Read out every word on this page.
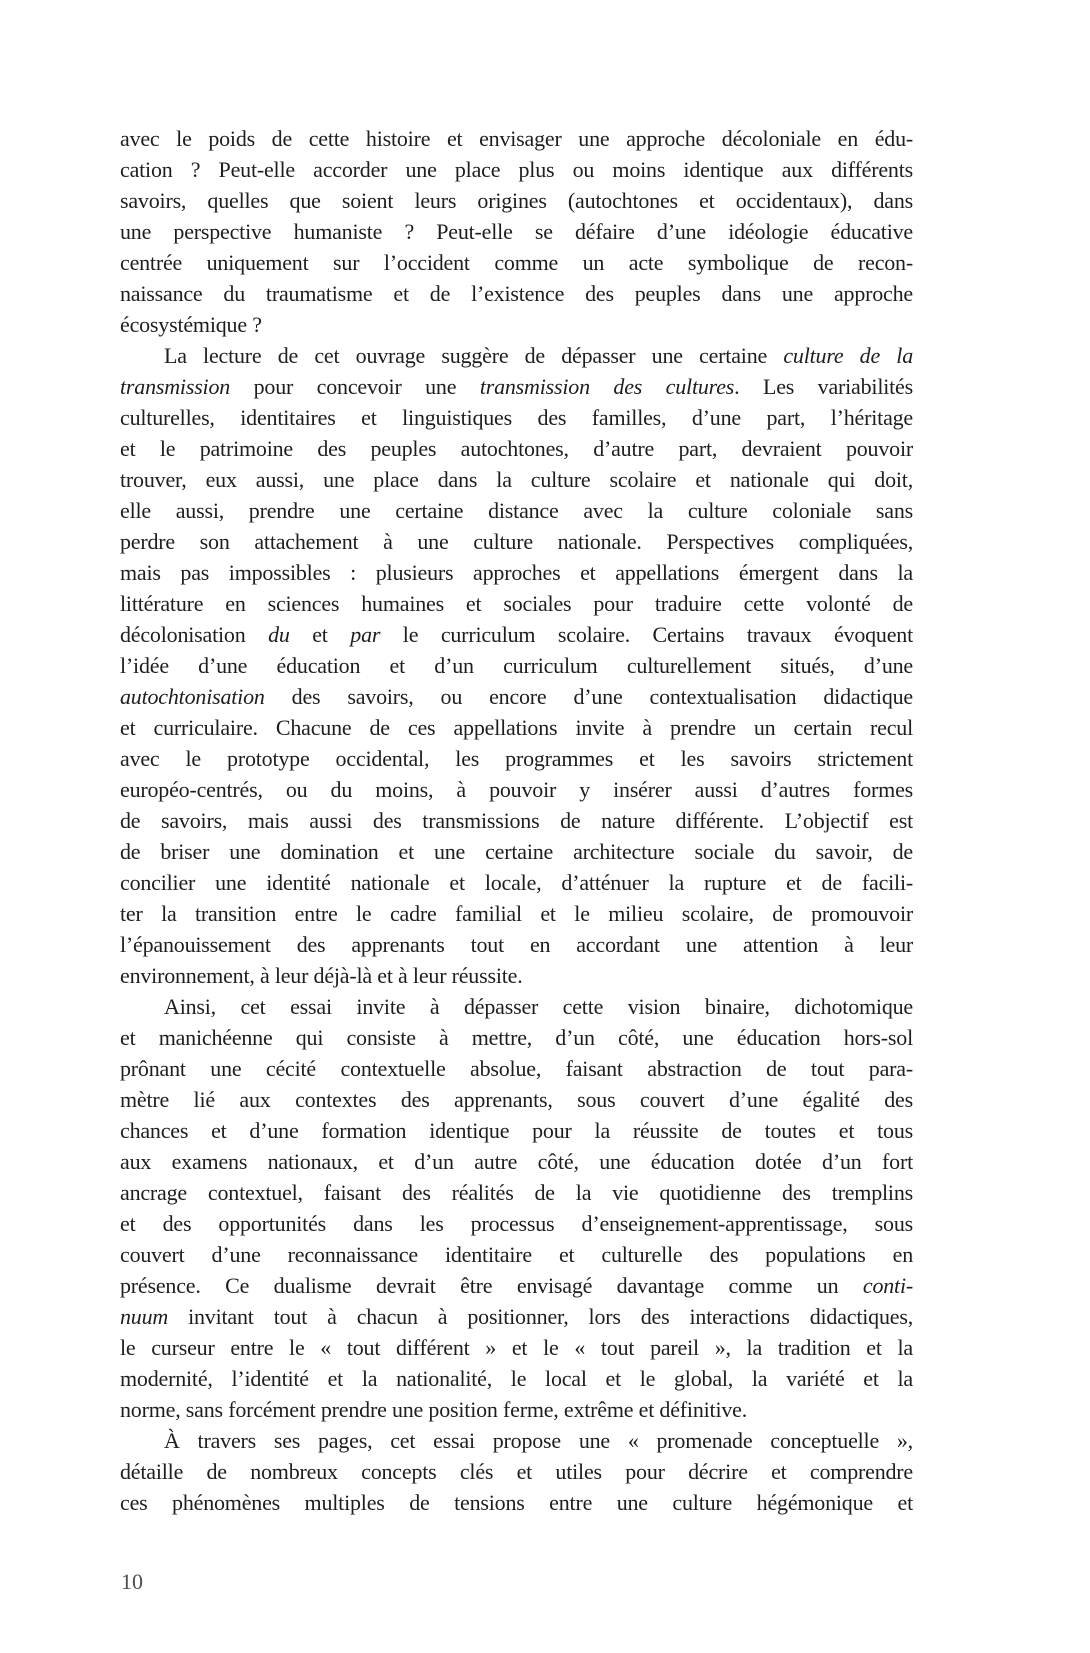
avec le poids de cette histoire et envisager une approche décoloniale en édu-
cation ? Peut-elle accorder une place plus ou moins identique aux différents
savoirs, quelles que soient leurs origines (autochtones et occidentaux), dans
une perspective humaniste ? Peut-elle se défaire d’une idéologie éducative
centrée uniquement sur l’occident comme un acte symbolique de recon-
naissance du traumatisme et de l’existence des peuples dans une approche
écosystémique ?
La lecture de cet ouvrage suggère de dépasser une certaine culture de la
transmission pour concevoir une transmission des cultures. Les variabilités
culturelles, identitaires et linguistiques des familles, d’une part, l’héritage
et le patrimoine des peuples autochtones, d’autre part, devraient pouvoir
trouver, eux aussi, une place dans la culture scolaire et nationale qui doit,
elle aussi, prendre une certaine distance avec la culture coloniale sans
perdre son attachement à une culture nationale. Perspectives compliquées,
mais pas impossibles : plusieurs approches et appellations émergent dans la
littérature en sciences humaines et sociales pour traduire cette volonté de
décolonisation du et par le curriculum scolaire. Certains travaux évoquent
l’idée d’une éducation et d’un curriculum culturellement situés, d’une
autochtonisation des savoirs, ou encore d’une contextualisation didactique
et curriculaire. Chacune de ces appellations invite à prendre un certain recul
avec le prototype occidental, les programmes et les savoirs strictement
européo-centrés, ou du moins, à pouvoir y insérer aussi d’autres formes
de savoirs, mais aussi des transmissions de nature différente. L’objectif est
de briser une domination et une certaine architecture sociale du savoir, de
concilier une identité nationale et locale, d’atténuer la rupture et de facili-
ter la transition entre le cadre familial et le milieu scolaire, de promouvoir
l’épanouissement des apprenants tout en accordant une attention à leur
environnement, à leur déjà-là et à leur réussite.
Ainsi, cet essai invite à dépasser cette vision binaire, dichotomique
et manichéenne qui consiste à mettre, d’un côté, une éducation hors-sol
prônant une cécité contextuelle absolue, faisant abstraction de tout para-
mètre lié aux contextes des apprenants, sous couvert d’une égalité des
chances et d’une formation identique pour la réussite de toutes et tous
aux examens nationaux, et d’un autre côté, une éducation dotée d’un fort
ancrage contextuel, faisant des réalités de la vie quotidienne des tremplins
et des opportunités dans les processus d’enseignement-apprentissage, sous
couvert d’une reconnaissance identitaire et culturelle des populations en
présence. Ce dualisme devrait être envisagé davantage comme un conti-
nuum invitant tout à chacun à positionner, lors des interactions didactiques,
le curseur entre le « tout différent » et le « tout pareil », la tradition et la
modernité, l’identité et la nationalité, le local et le global, la variété et la
norme, sans forcément prendre une position ferme, extrême et définitive.
À travers ses pages, cet essai propose une « promenade conceptuelle »,
détaille de nombreux concepts clés et utiles pour décrire et comprendre
ces phénomènes multiples de tensions entre une culture hégémonique et
10
